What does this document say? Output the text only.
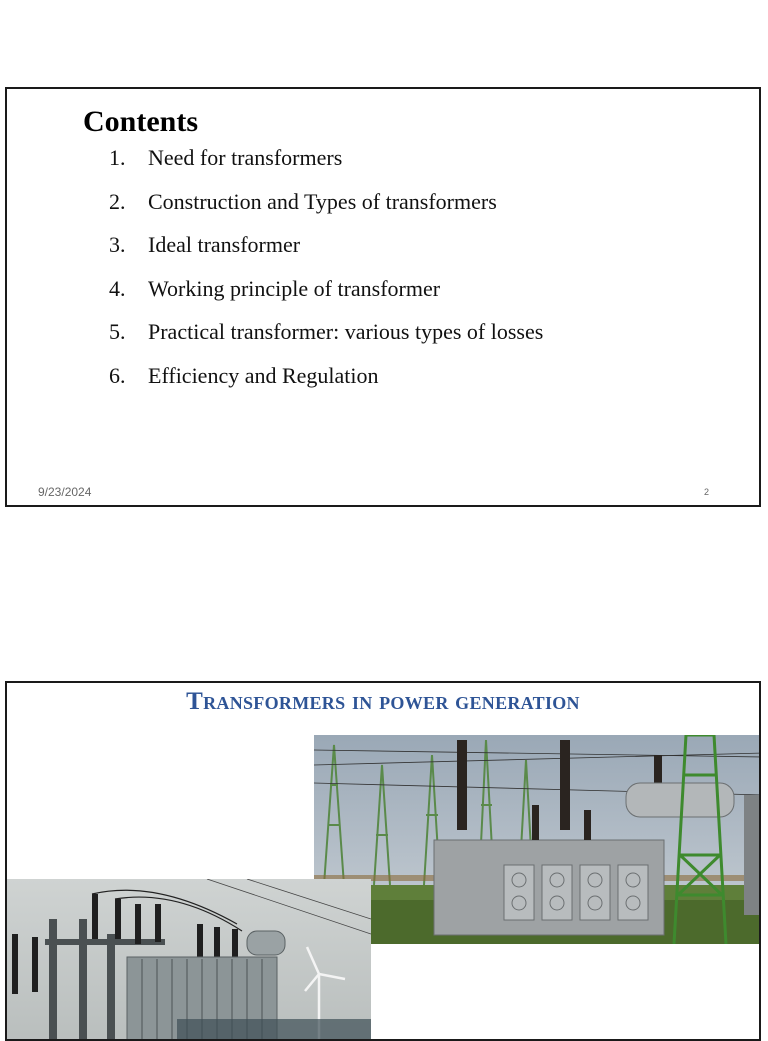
Contents
1.	Need for transformers
2.	Construction and Types of transformers
3.	Ideal transformer
4.	Working principle of transformer
5.	Practical transformer: various types of losses
6.	Efficiency and Regulation
9/23/2024	2
Transformers in power generation
